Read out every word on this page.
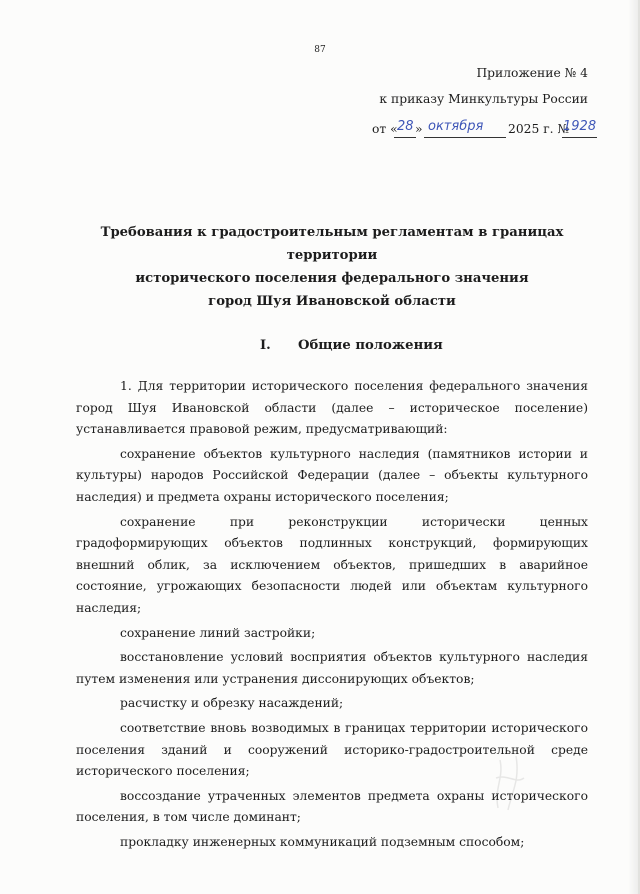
87
Приложение № 4
к приказу Минкультуры России
от « 28 » октября 2025 г. №
1928
Требования к градостроительным регламентам в границах территории
исторического поселения федерального значения
город Шуя Ивановской области
I. Общие положения

1. Для территории исторического поселения федерального значения город Шуя Ивановской области (далее – историческое поселение) устанавливается правовой режим, предусматривающий:

сохранение объектов культурного наследия (памятников истории и культуры) народов Российской Федерации (далее – объекты культурного наследия) и предмета охраны исторического поселения;

сохранение при реконструкции исторически ценных градоформирующих объектов подлинных конструкций, формирующих внешний облик, за исключением объектов, пришедших в аварийное состояние, угрожающих безопасности людей или объектам культурного наследия;

сохранение линий застройки;

восстановление условий восприятия объектов культурного наследия путем изменения или устранения диссонирующих объектов;

расчистку и обрезку насаждений;

соответствие вновь возводимых в границах территории исторического поселения зданий и сооружений историко-градостроительной среде исторического поселения;

воссоздание утраченных элементов предмета охраны исторического поселения, в том числе доминант;

прокладку инженерных коммуникаций подземным способом;
